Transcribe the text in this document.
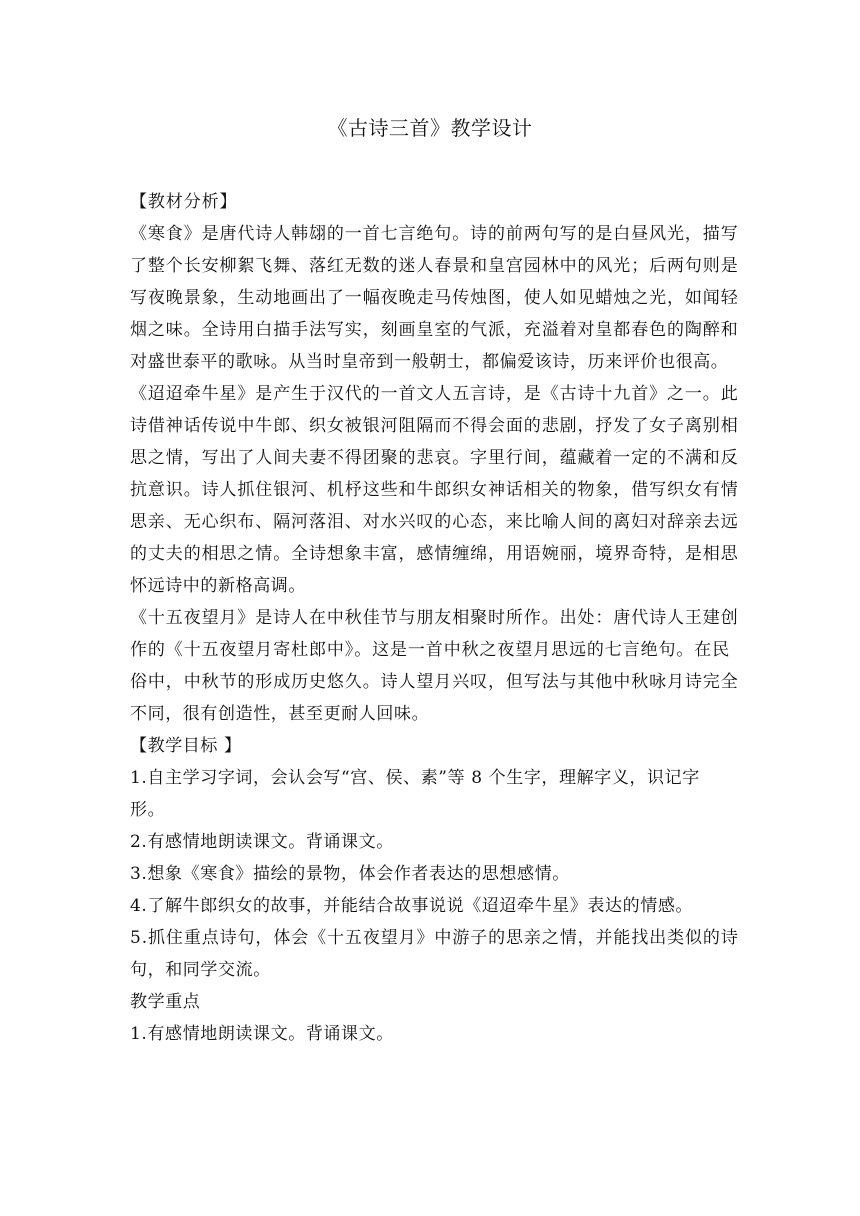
《古诗三首》教学设计
【教材分析】
《寒食》是唐代诗人韩翃的一首七言绝句。诗的前两句写的是白昼风光，描写
了整个长安柳絮飞舞、落红无数的迷人春景和皇宫园林中的风光；后两句则是
写夜晚景象，生动地画出了一幅夜晚走马传烛图，使人如见蜡烛之光，如闻轻
烟之味。全诗用白描手法写实，刻画皇室的气派，充溢着对皇都春色的陶醉和
对盛世泰平的歌咏。从当时皇帝到一般朝士，都偏爱该诗，历来评价也很高。
《迢迢牵牛星》是产生于汉代的一首文人五言诗，是《古诗十九首》之一。此
诗借神话传说中牛郎、织女被银河阻隔而不得会面的悲剧，抒发了女子离别相
思之情，写出了人间夫妻不得团聚的悲哀。字里行间，蕴藏着一定的不满和反
抗意识。诗人抓住银河、机杼这些和牛郎织女神话相关的物象，借写织女有情
思亲、无心织布、隔河落泪、对水兴叹的心态，来比喻人间的离妇对辞亲去远
的丈夫的相思之情。全诗想象丰富，感情缠绵，用语婉丽，境界奇特，是相思
怀远诗中的新格高调。
《十五夜望月》是诗人在中秋佳节与朋友相聚时所作。出处：唐代诗人王建创
作的《十五夜望月寄杜郎中》。这是一首中秋之夜望月思远的七言绝句。在民
俗中，中秋节的形成历史悠久。诗人望月兴叹，但写法与其他中秋咏月诗完全
不同，很有创造性，甚至更耐人回味。
【教学目标 】
1.自主学习字词，会认会写“宫、侯、素”等 8 个生字，理解字义，识记字
形。
2.有感情地朗读课文。背诵课文。
3.想象《寒食》描绘的景物，体会作者表达的思想感情。
4.了解牛郎织女的故事，并能结合故事说说《迢迢牵牛星》表达的情感。
5.抓住重点诗句，体会《十五夜望月》中游子的思亲之情，并能找出类似的诗
句，和同学交流。
教学重点
1.有感情地朗读课文。背诵课文。
